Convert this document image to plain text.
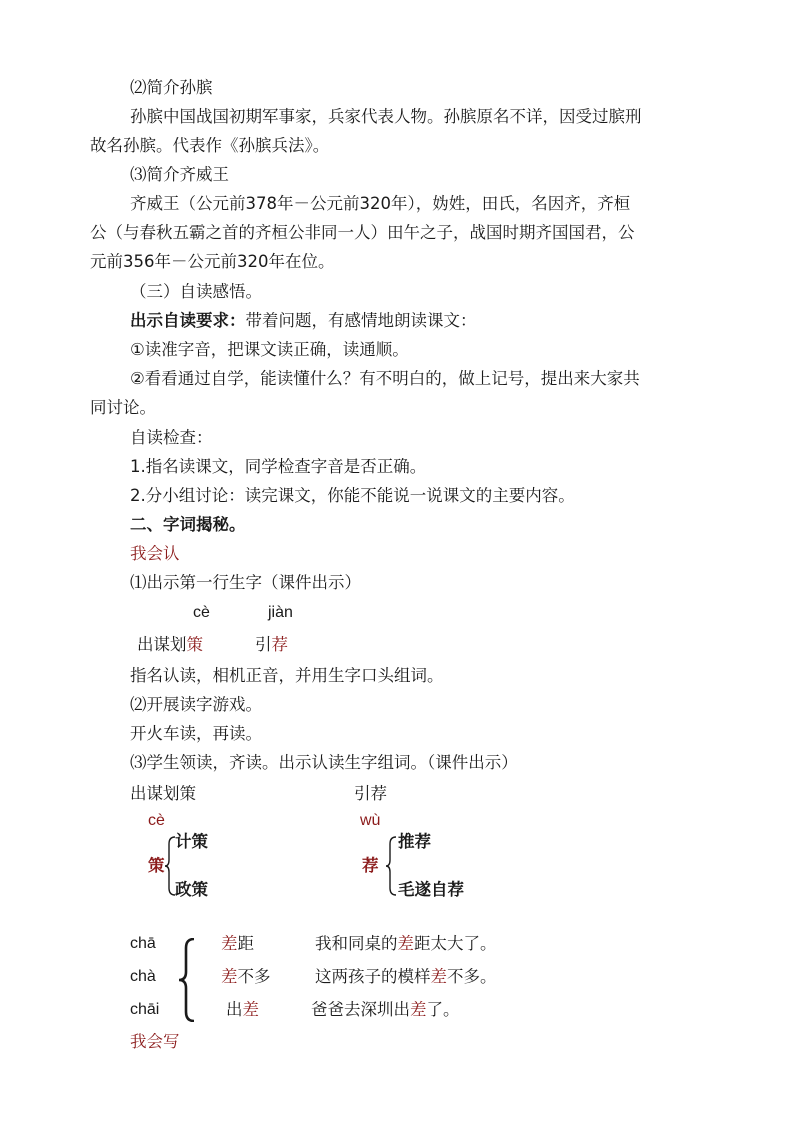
⑵简介孙膑
孙膑中国战国初期军事家，兵家代表人物。孙膑原名不详，因受过膑刑
故名孙膑。代表作《孙膑兵法》。
⑶简介齐威王
齐威王（公元前378年－公元前320年），妫姓，田氏，名因齐，齐桓
公（与春秋五霸之首的齐桓公非同一人）田午之子，战国时期齐国国君，公
元前356年－公元前320年在位。
（三）自读感悟。
出示自读要求：带着问题，有感情地朗读课文：
①读准字音，把课文读正确，读通顺。
②看看通过自学，能读懂什么？有不明白的，做上记号，提出来大家共
同讨论。
自读检查：
1.指名读课文，同学检查字音是否正确。
2.分小组讨论：读完课文，你能不能说一说课文的主要内容。
二、字词揭秘。
我会认
⑴出示第一行生字（课件出示）
cè	jiàn
出谋划策	引荐
指名认读，相机正音，并用生字口头组词。
⑵开展读字游戏。
开火车读，再读。
⑶学生领读，齐读。出示认读生字组词。（课件出示）
出谋划策	引荐
cè	wù
计策
策
政策
推荐
荐
毛遂自荐
chā	差距	我和同桌的差距太大了。
chà	差不多	这两孩子的模样差不多。
chāi	出差	爸爸去深圳出差了。
我会写
